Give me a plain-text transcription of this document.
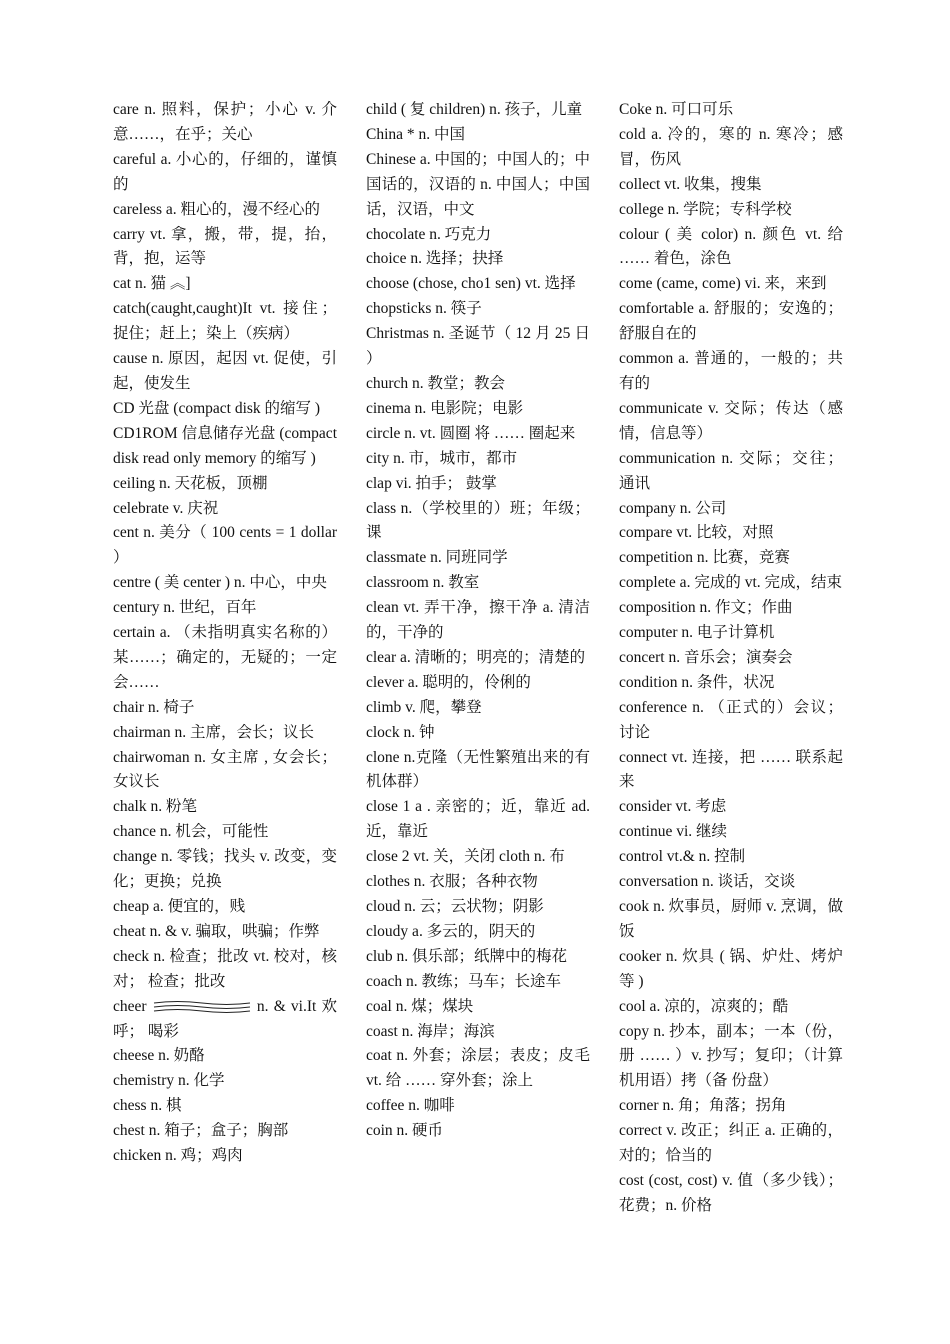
care n. 照料，保护；小心 v. 介意……，在乎；关心

careful a. 小心的，仔细的，谨慎的

careless a. 粗心的，漫不经心的

carry vt. 拿，搬，带，提，抬，背，抱，运等

cat n. 猫 ︽]

catch(caught,caught)It vt. 接住；捉住；赶上；染上（疾病）

cause n. 原因，起因 vt. 促使，引起，使发生

CD 光盘 (compact disk 的缩写 )

CD1ROM 信息储存光盘 (compact disk read only memory 的缩写 )

ceiling n. 天花板，顶棚

celebrate v. 庆祝

cent n. 美分（ 100 cents = 1 dollar ）

centre ( 美 center ) n. 中心，中央

century n. 世纪，百年

certain a. （未指明真实名称的）某……；确定的，无疑的；一定会……

chair n. 椅子

chairman n. 主席，会长；议长

chairwoman n. 女主席 , 女会长；女议长

chalk n. 粉笔

chance n. 机会，可能性

change n. 零钱；找头 v. 改变，变化；更换；兑换

cheap a. 便宜的，贱

cheat n. & v. 骗取，哄骗；作弊

check n. 检查；批改 vt. 校对，核对； 检查；批改

cheer	n. & vi.It 欢呼； 喝彩

cheese n. 奶酪

chemistry n. 化学

chess n. 棋

chest n. 箱子；盒子；胸部

chicken n. 鸡；鸡肉

child ( 复 children) n. 孩子，儿童

China * n. 中国

Chinese a. 中国的；中国人的；中国话的，汉语的 n. 中国人；中国话，汉语，中文

chocolate n. 巧克力

choice n. 选择；抉择

choose (chose, cho1 sen) vt. 选择

chopsticks n. 筷子

Christmas n. 圣诞节（ 12 月 25 日 ）

church n. 教堂；教会

cinema n. 电影院；电影

circle n. vt. 圆圈 将 …… 圈起来

city n. 市，城市，都市

clap vi. 拍手； 鼓掌

class n.（学校里的）班；年级；课

classmate n. 同班同学

classroom n. 教室

clean vt. 弄干净，擦干净 a. 清洁的，干净的

clear a. 清晰的；明亮的；清楚的

clever a. 聪明的，伶俐的

climb v. 爬，攀登

clock n. 钟

clone n.克隆（无性繁殖出来的有机体群）

close 1 a . 亲密的；近，靠近 ad. 近，靠近

close 2 vt. 关，关闭 cloth n. 布

clothes n. 衣服；各种衣物

cloud n. 云；云状物；阴影

cloudy a. 多云的，阴天的

club n. 俱乐部；纸牌中的梅花

coach n. 教练；马车；长途车

coal n. 煤；煤块

coast n. 海岸；海滨

coat n. 外套；涂层；表皮；皮毛 vt. 给 …… 穿外套；涂上

coffee n. 咖啡

coin n. 硬币

Coke n. 可口可乐

cold a. 冷的，寒的 n. 寒冷；感冒，伤风

collect vt. 收集，搜集

college n. 学院；专科学校

colour ( 美 color) n. 颜色 vt. 给 …… 着色，涂色

come (came, come) vi. 来，来到

comfortable a. 舒服的；安逸的；舒服自在的

common a. 普通的，一般的；共有的

communicate v. 交际；传达（感情，信息等）

communication n. 交际；交往；通讯

company n. 公司

compare vt. 比较，对照

competition n. 比赛，竞赛

complete a. 完成的 vt. 完成，结束

composition n. 作文；作曲

computer n. 电子计算机

concert n. 音乐会；演奏会

condition n. 条件，状况

conference n. （正式的）会议；讨论

connect vt. 连接，把 …… 联系起来

consider vt. 考虑

continue vi. 继续

control vt.& n. 控制

conversation n. 谈话，交谈

cook n. 炊事员，厨师 v. 烹调，做饭

cooker n. 炊具 ( 锅、炉灶、烤炉等 )

cool a. 凉的，凉爽的；酷

copy n. 抄本，副本；一本（份，册 …… ）v. 抄写；复印；（计算机用语）拷（备 份盘）

corner n. 角；角落；拐角

correct v. 改正；纠正 a. 正确的，对的；恰当的

cost (cost, cost) v. 值（多少钱）；花费；n. 价格
